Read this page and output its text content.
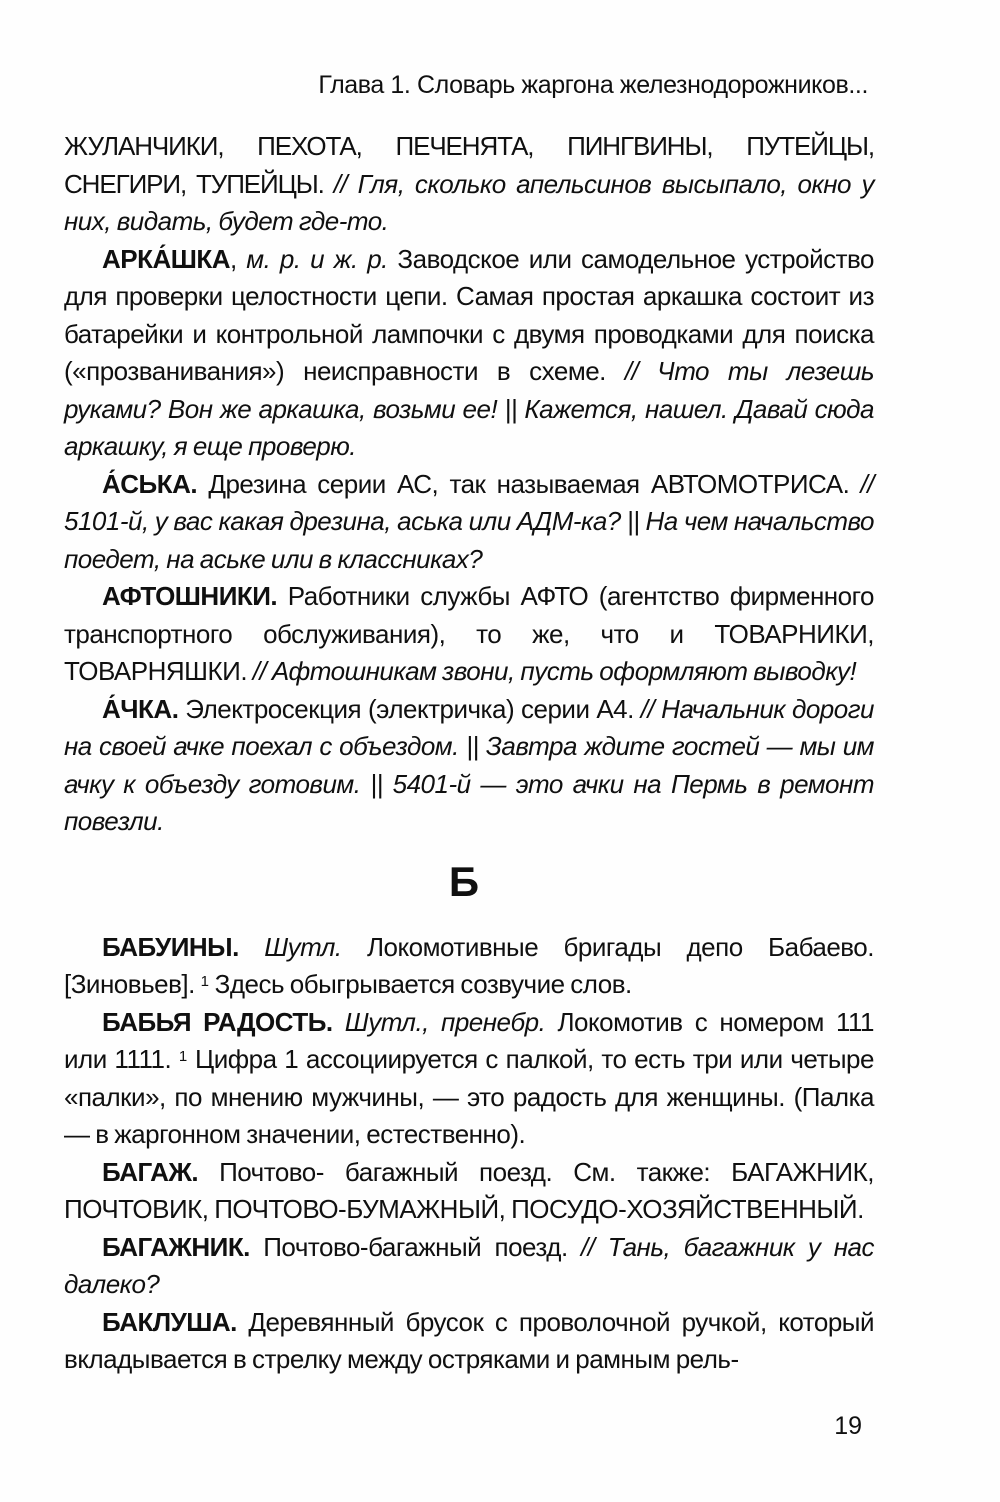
Глава 1. Словарь жаргона железнодорожников...

ЖУЛАНЧИКИ, ПЕХОТА, ПЕЧЕНЯТА, ПИНГВИНЫ, ПУТЕЙЦЫ, СНЕГИРИ, ТУПЕЙЦЫ. // Гля, сколько апельсинов высыпало, окно у них, видать, будет где-то.

АРКА́ШКА, м. р. и ж. р. Заводское или самодельное устройство для проверки целостности цепи. Самая простая аркашка состоит из батарейки и контрольной лампочки с двумя проводками для поиска («прозванивания») неисправности в схеме. // Что ты лезешь руками? Вон же аркашка, возьми ее! || Кажется, нашел. Давай сюда аркашку, я еще проверю.

А́СЬКА. Дрезина серии АС, так называемая АВТОМОТРИСА. // 5101-й, у вас какая дрезина, аська или АДМ-ка? || На чем начальство поедет, на аське или в классниках?

АФТОШНИКИ. Работники службы АФТО (агентство фирменного транспортного обслуживания), то же, что и ТОВАРНИКИ, ТОВАРНЯШКИ. // Афтошникам звони, пусть оформляют выводку!

А́ЧКА. Электросекция (электричка) серии А4. // Начальник дороги на своей ачке поехал с объездом. || Завтра ждите гостей — мы им ачку к объезду готовим. || 5401-й — это ачки на Пермь в ремонт повезли.

Б

БАБУИНЫ. Шутл. Локомотивные бригады депо Бабаево.[Зиновьев]. $^1$ Здесь обыгрывается созвучие слов.

БАБЬЯ РАДОСТЬ. Шутл., пренебр. Локомотив с номером 111 или 1111. $^1$ Цифра 1 ассоциируется с палкой, то есть три или четыре «палки», по мнению мужчины, — это радость для женщины. (Палка — в жаргонном значении, естественно).

БАГАЖ. Почтово- багажный поезд. См. также: БАГАЖНИК, ПОЧТОВИК, ПОЧТОВО-БУМАЖНЫЙ, ПОСУДО-ХОЗЯЙСТВЕННЫЙ.

БАГАЖНИК. Почтово-багажный поезд. // Тань, багажник у нас далеко?

БАКЛУША. Деревянный брусок с проволочной ручкой, который вкладывается в стрелку между остряками и рамным рель-

19
